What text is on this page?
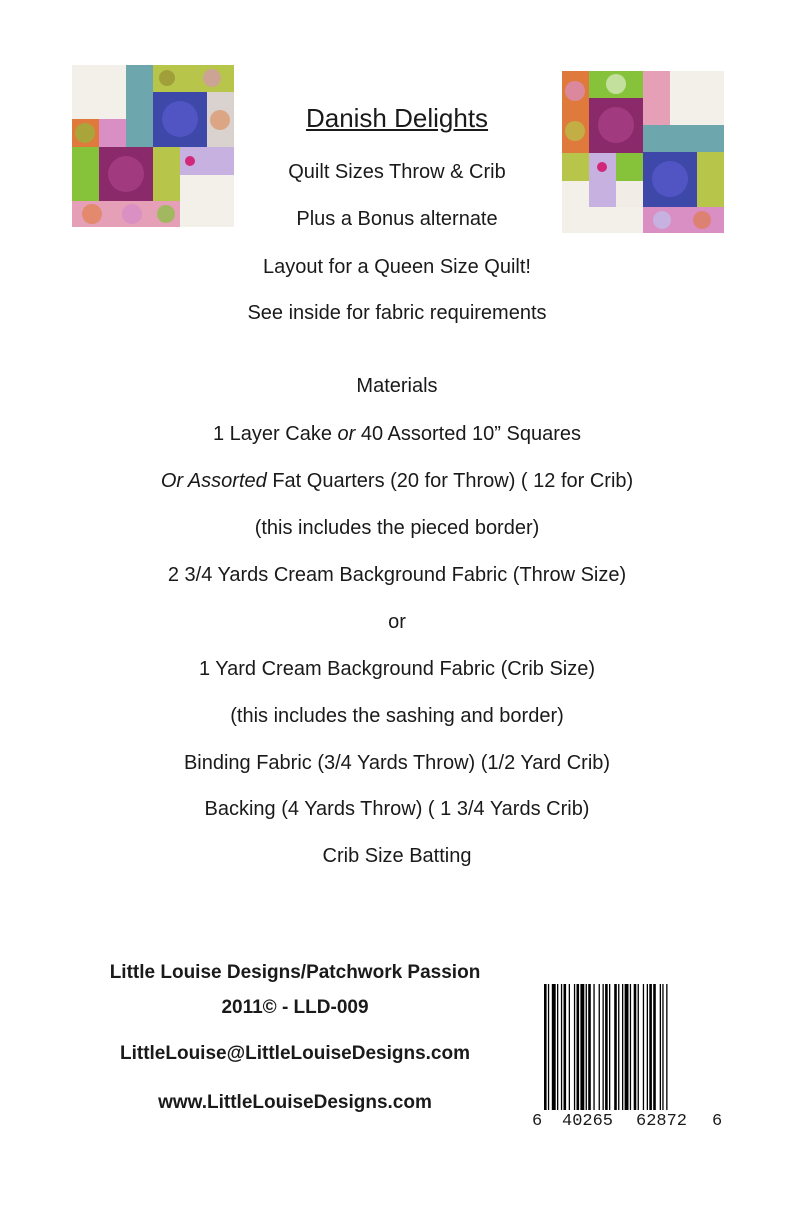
Danish Delights
Quilt Sizes Throw & Crib
Plus a Bonus alternate
Layout for a Queen Size Quilt!
See inside for fabric requirements
Materials
1 Layer Cake or 40 Assorted 10” Squares
Or Assorted Fat Quarters (20 for Throw) ( 12 for Crib)
(this includes the pieced border)
2 3/4 Yards Cream Background Fabric (Throw Size)
or
1 Yard Cream Background Fabric (Crib Size)
(this includes the sashing and border)
Binding Fabric (3/4 Yards Throw) (1/2 Yard Crib)
Backing (4 Yards Throw) ( 1 3/4 Yards Crib)
Crib Size Batting
Little Louise Designs/Patchwork Passion
2011© - LLD-009
LittleLouise@LittleLouiseDesigns.com
www.LittleLouiseDesigns.com
6 40265 62872 6
